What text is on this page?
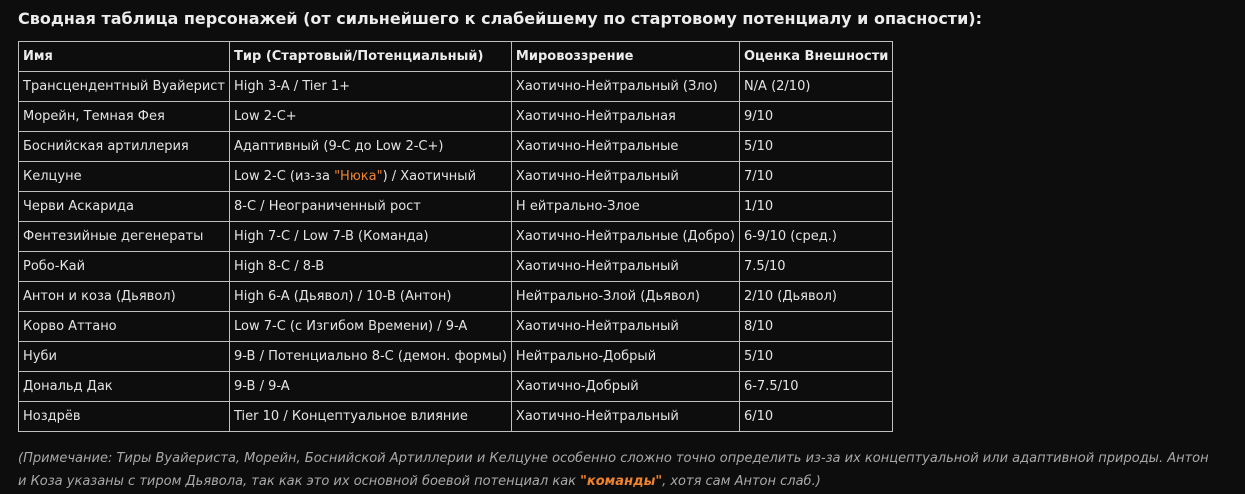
Сводная таблица персонажей (от сильнейшего к слабейшему по стартовому потенциалу и опасности):
Имя	Тир (Стартовый/Потенциальный)	Мировоззрение	Оценка Внешности
Трансцендентный Вуайерист	High 3-A / Tier 1+	Хаотично-Нейтральный (Зло)	N/A (2/10)
Морейн, Темная Фея	Low 2-C+	Хаотично-Нейтральная	9/10
Боснийская артиллерия	Адаптивный (9-C до Low 2-C+)	Хаотично-Нейтральные	5/10
Келцуне	Low 2-C (из-за "Нюка") / Хаотичный	Хаотично-Нейтральный	7/10
Черви Аскарида	8-C / Неограниченный рост	Н ейтрально-Злое	1/10
Фентезийные дегенераты	High 7-C / Low 7-B (Команда)	Хаотично-Нейтральные (Добро)	6-9/10 (сред.)
Робо-Кай	High 8-C / 8-B	Хаотично-Нейтральный	7.5/10
Антон и коза (Дьявол)	High 6-A (Дьявол) / 10-B (Антон)	Нейтрально-Злой (Дьявол)	2/10 (Дьявол)
Корво Аттано	Low 7-C (с Изгибом Времени) / 9-A	Хаотично-Нейтральный	8/10
Нуби	9-B / Потенциально 8-C (демон. формы)	Нейтрально-Добрый	5/10
Дональд Дак	9-B / 9-A	Хаотично-Добрый	6-7.5/10
Ноздрёв	Tier 10 / Концептуальное влияние	Хаотично-Нейтральный	6/10
(Примечание: Тиры Вуайериста, Морейн, Боснийской Артиллерии и Келцуне особенно сложно точно определить из-за их концептуальной или адаптивной природы. Антон и Коза указаны с тиром Дьявола, так как это их основной боевой потенциал как "команды", хотя сам Антон слаб.)
